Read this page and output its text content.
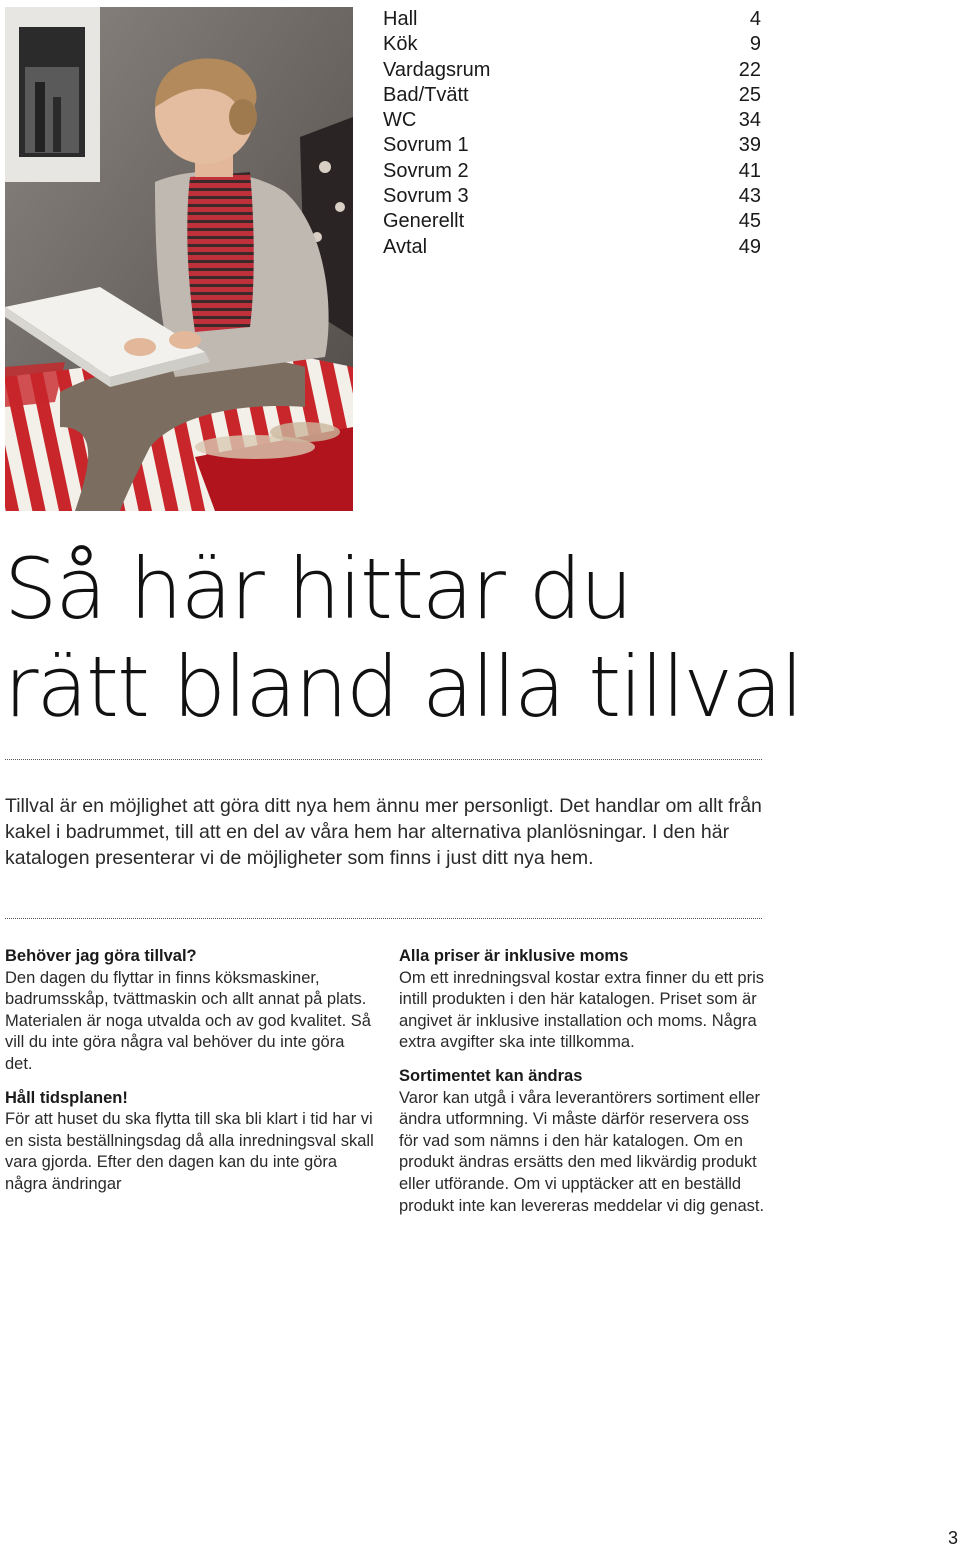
Hall	4
Kök	9
Vardagsrum	22
Bad/Tvätt	25
WC	34
Sovrum 1	39
Sovrum 2	41
Sovrum 3	43
Generellt	45
Avtal	49
Så här hittar du
rätt bland alla tillval

Tillval är en möjlighet att göra ditt nya hem ännu mer personligt. Det handlar om allt från kakel i badrummet, till att en del av våra hem har alternativa planlösningar. I den här katalogen presenterar vi de möjligheter som finns i just ditt nya hem.

Behöver jag göra tillval?

Den dagen du flyttar in finns köksmaskiner, badrumsskåp, tvättmaskin och allt annat på plats. Materialen är noga utvalda och av god kvalitet. Så vill du inte göra några val behöver du inte göra det.

Håll tidsplanen!

För att huset du ska flytta till ska bli klart i tid har vi en sista beställningsdag då alla inredningsval skall vara gjorda. Efter den dagen kan du inte göra några ändringar

Alla priser är inklusive moms

Om ett inredningsval kostar extra finner du ett pris intill produkten i den här katalogen. Priset som är angivet är inklusive installation och moms. Några extra avgifter ska inte tillkomma.

Sortimentet kan ändras

Varor kan utgå i våra leverantörers sortiment eller ändra utformning. Vi måste därför reservera oss för vad som nämns i den här katalogen. Om en produkt ändras ersätts den med likvärdig produkt eller utförande. Om vi upptäcker att en beställd produkt inte kan levereras meddelar vi dig genast.

3
